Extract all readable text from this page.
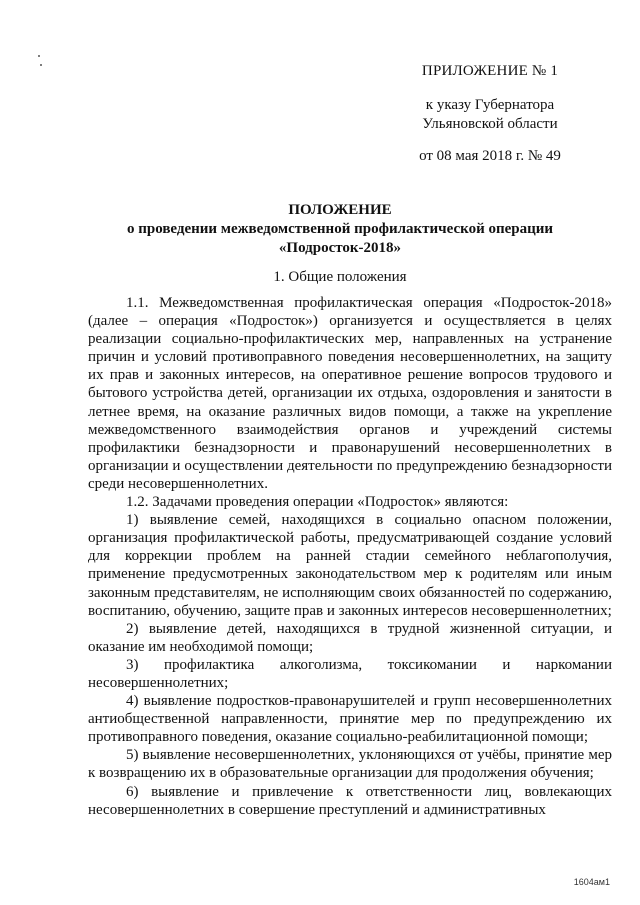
ПРИЛОЖЕНИЕ № 1

к указу Губернатора

Ульяновской области

от 08 мая 2018 г. № 49

ПОЛОЖЕНИЕ
о проведении межведомственной профилактической операции
«Подросток-2018»
1. Общие положения

1.1. Межведомственная профилактическая операция «Подросток-2018» (далее – операция «Подросток») организуется и осуществляется в целях реализации социально-профилактических мер, направленных на устранение причин и условий противоправного поведения несовершеннолетних, на защиту их прав и законных интересов, на оперативное решение вопросов трудового и бытового устройства детей, организации их отдыха, оздоровления и занятости в летнее время, на оказание различных видов помощи, а также на укрепление межведомственного взаимодействия органов и учреждений системы профилактики безнадзорности и правонарушений несовершеннолетних в организации и осуществлении деятельности по предупреждению безнадзорности среди несовершеннолетних.

1.2. Задачами проведения операции «Подросток» являются:

1) выявление семей, находящихся в социально опасном положении, организация профилактической работы, предусматривающей создание условий для коррекции проблем на ранней стадии семейного неблагополучия, применение предусмотренных законодательством мер к родителям или иным законным представителям, не исполняющим своих обязанностей по содержанию, воспитанию, обучению, защите прав и законных интересов несовершеннолетних;

2) выявление детей, находящихся в трудной жизненной ситуации, и оказание им необходимой помощи;

3) профилактика алкоголизма, токсикомании и наркомании несовершеннолетних;

4) выявление подростков-правонарушителей и групп несовершеннолетних антиобщественной направленности, принятие мер по предупреждению их противоправного поведения, оказание социально-реабилитационной помощи;

5) выявление несовершеннолетних, уклоняющихся от учёбы, принятие мер к возвращению их в образовательные организации для продолжения обучения;

6) выявление и привлечение к ответственности лиц, вовлекающих несовершеннолетних в совершение преступлений и административных

1604ам1
